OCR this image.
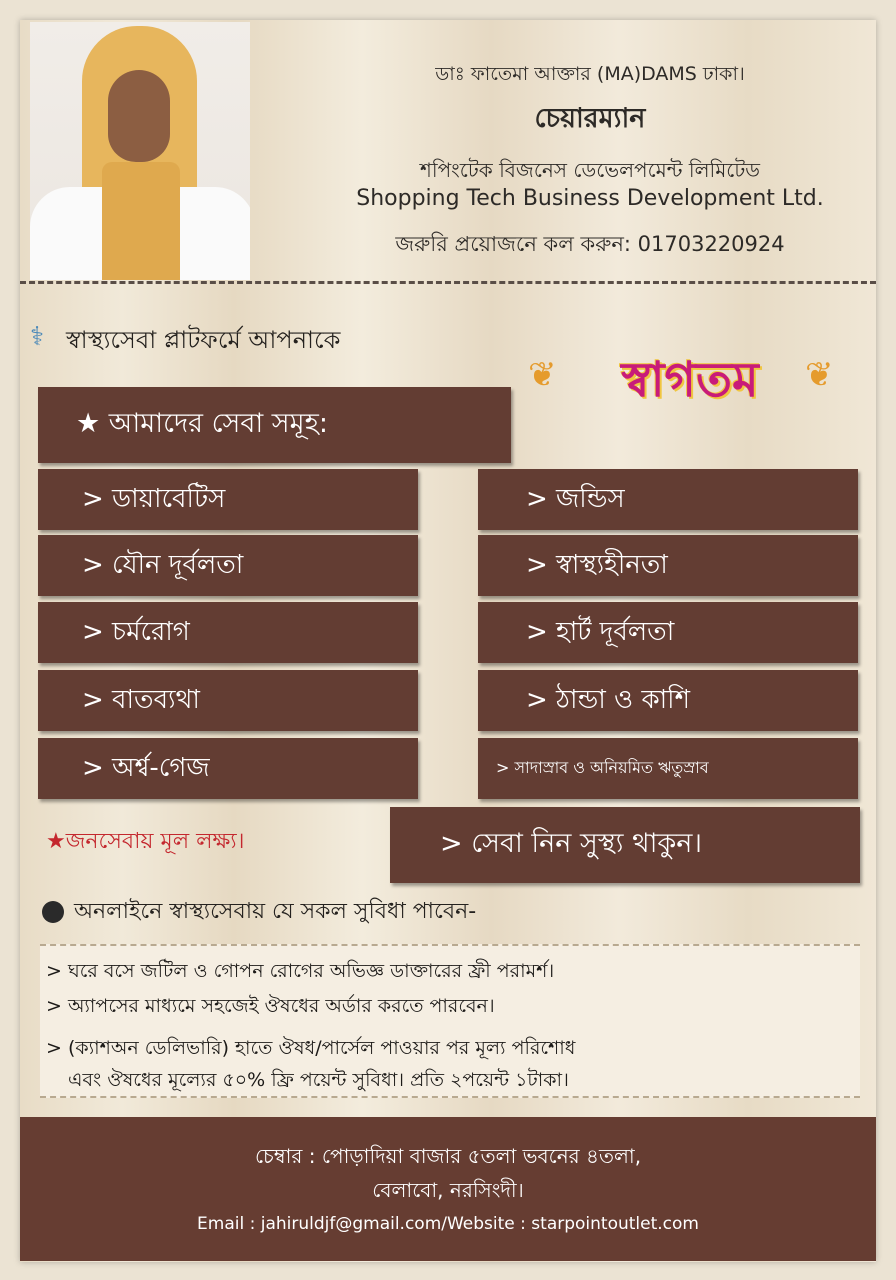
ডাঃ ফাতেমা আক্তার (MA)DAMS ঢাকা।
চেয়ারম্যান
শপিংটেক বিজনেস ডেভেলপমেন্ট লিমিটেড
Shopping Tech Business Development Ltd.
জরুরি প্রয়োজনে কল করুন: 01703220924
⚕ স্বাস্থ্যসেবা প্লাটফর্মে আপনাকে
❦	স্বাগতম	❦
★ আমাদের সেবা সমূহ:
> ডায়াবেটিস
> যৌন দূর্বলতা
> চর্মরোগ
> বাতব্যথা
> অর্শ্ব-গেজ
> জন্ডিস
> স্বাস্থ্যহীনতা
> হার্ট দূর্বলতা
> ঠান্ডা ও কাশি
> সাদাস্রাব ও অনিয়মিত ঋতুস্রাব
★জনসেবায় মূল লক্ষ্য।	> সেবা নিন সুস্থ্য থাকুন।
অনলাইনে স্বাস্থ্যসেবায় যে সকল সুবিধা পাবেন-
> ঘরে বসে জটিল ও গোপন রোগের অভিজ্ঞ ডাক্তারের ফ্রী পরামর্শ।
> অ্যাপসের মাধ্যমে সহজেই ঔষধের অর্ডার করতে পারবেন।
> (ক্যাশঅন ডেলিভারি) হাতে ঔষধ/পার্সেল পাওয়ার পর মূল্য পরিশোধ
এবং ঔষধের মূল্যের ৫০% ফ্রি পয়েন্ট সুবিধা। প্রতি ২পয়েন্ট ১টাকা।
চেম্বার : পোড়াদিয়া বাজার ৫তলা ভবনের ৪তলা,
বেলাবো, নরসিংদী।
Email : jahiruldjf@gmail.com/Website : starpointoutlet.com
